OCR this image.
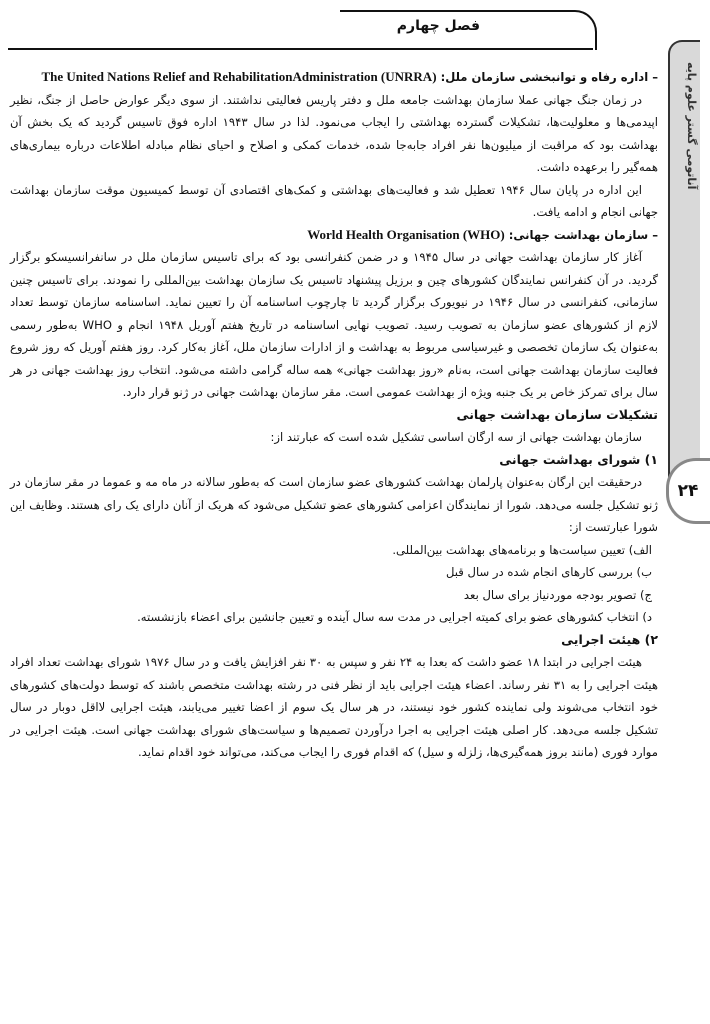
فصل چهارم
آناتومی گستر علوم پایه
۲۴

– اداره رفاه و توانبخشی سازمان ملل: The United Nations Relief and RehabilitationAdministration (UNRRA)

در زمان جنگ جهانی عملا سازمان بهداشت جامعه ملل و دفتر پاریس فعالیتی نداشتند. از سوی دیگر عوارض حاصل از جنگ، نظیر اپیدمی‌ها و معلولیت‌ها، تشکیلات گسترده بهداشتی را ایجاب می‌نمود. لذا در سال ۱۹۴۳ اداره فوق تاسیس گردید که یک بخش آن بهداشت بود که مراقبت از میلیون‌ها نفر افراد جابه‌جا شده، خدمات کمکی و اصلاح و احیای نظام مبادله اطلاعات درباره بیماری‌های همه‌گیر را برعهده داشت.

این اداره در پایان سال ۱۹۴۶ تعطیل شد و فعالیت‌های بهداشتی و کمک‌های اقتصادی آن توسط کمیسیون موقت سازمان بهداشت جهانی انجام و ادامه یافت.

– سازمان بهداشت جهانی: World Health Organisation (WHO)

آغاز کار سازمان بهداشت جهانی در سال ۱۹۴۵ و در ضمن کنفرانسی بود که برای تاسیس سازمان ملل در سانفرانسیسکو برگزار گردید. در آن کنفرانس نمایندگان کشورهای چین و برزیل پیشنهاد تاسیس یک سازمان بهداشت بین‌المللی را نمودند. برای تاسیس چنین سازمانی، کنفرانسی در سال ۱۹۴۶ در نیویورک برگزار گردید تا چارچوب اساسنامه آن را تعیین نماید. اساسنامه سازمان توسط تعداد لازم از کشورهای عضو سازمان به تصویب رسید. تصویب نهایی اساسنامه در تاریخ هفتم آوریل ۱۹۴۸ انجام و WHO به‌طور رسمی به‌عنوان یک سازمان تخصصی و غیرسیاسی مربوط به بهداشت و از ادارات سازمان ملل، آغاز به‌کار کرد. روز هفتم آوریل که روز شروع فعالیت سازمان بهداشت جهانی است، به‌نام «روز بهداشت جهانی» همه ساله گرامی داشته می‌شود. انتخاب روز بهداشت جهانی در هر سال برای تمرکز خاص بر یک جنبه ویژه از بهداشت عمومی است. مقر سازمان بهداشت جهانی در ژنو قرار دارد.

تشکیلات سازمان بهداشت جهانی

سازمان بهداشت جهانی از سه ارگان اساسی تشکیل شده است که عبارتند از:

۱) شورای بهداشت جهانی

درحقیقت این ارگان به‌عنوان پارلمان بهداشت کشورهای عضو سازمان است که به‌طور سالانه در ماه مه و عموما در مقر سازمان در ژنو تشکیل جلسه می‌دهد. شورا از نمایندگان اعزامی کشورهای عضو تشکیل می‌شود که هریک از آنان دارای یک رای هستند. وظایف این شورا عبارتست از:

الف) تعیین سیاست‌ها و برنامه‌های بهداشت بین‌المللی.

ب) بررسی کارهای انجام شده در سال قبل

ج) تصویر بودجه موردنیاز برای سال بعد

د) انتخاب کشورهای عضو برای کمیته اجرایی در مدت سه سال آینده و تعیین جانشین برای اعضاء بازنشسته.

۲) هیئت اجرایی

هیئت اجرایی در ابتدا ۱۸ عضو داشت که بعدا به ۲۴ نفر و سپس به ۳۰ نفر افزایش یافت و در سال ۱۹۷۶ شورای بهداشت تعداد افراد هیئت اجرایی را به ۳۱ نفر رساند. اعضاء هیئت اجرایی باید از نظر فنی در رشته بهداشت متخصص باشند که توسط دولت‌های کشورهای خود انتخاب می‌شوند ولی نماینده کشور خود نیستند، در هر سال یک سوم از اعضا تغییر می‌یابند، هیئت اجرایی لااقل دوبار در سال تشکیل جلسه می‌دهد. کار اصلی هیئت اجرایی به اجرا درآوردن تصمیم‌ها و سیاست‌های شورای بهداشت جهانی است. هیئت اجرایی در موارد فوری (مانند بروز همه‌گیری‌ها، زلزله و سیل) که اقدام فوری را ایجاب می‌کند، می‌تواند خود اقدام نماید.
